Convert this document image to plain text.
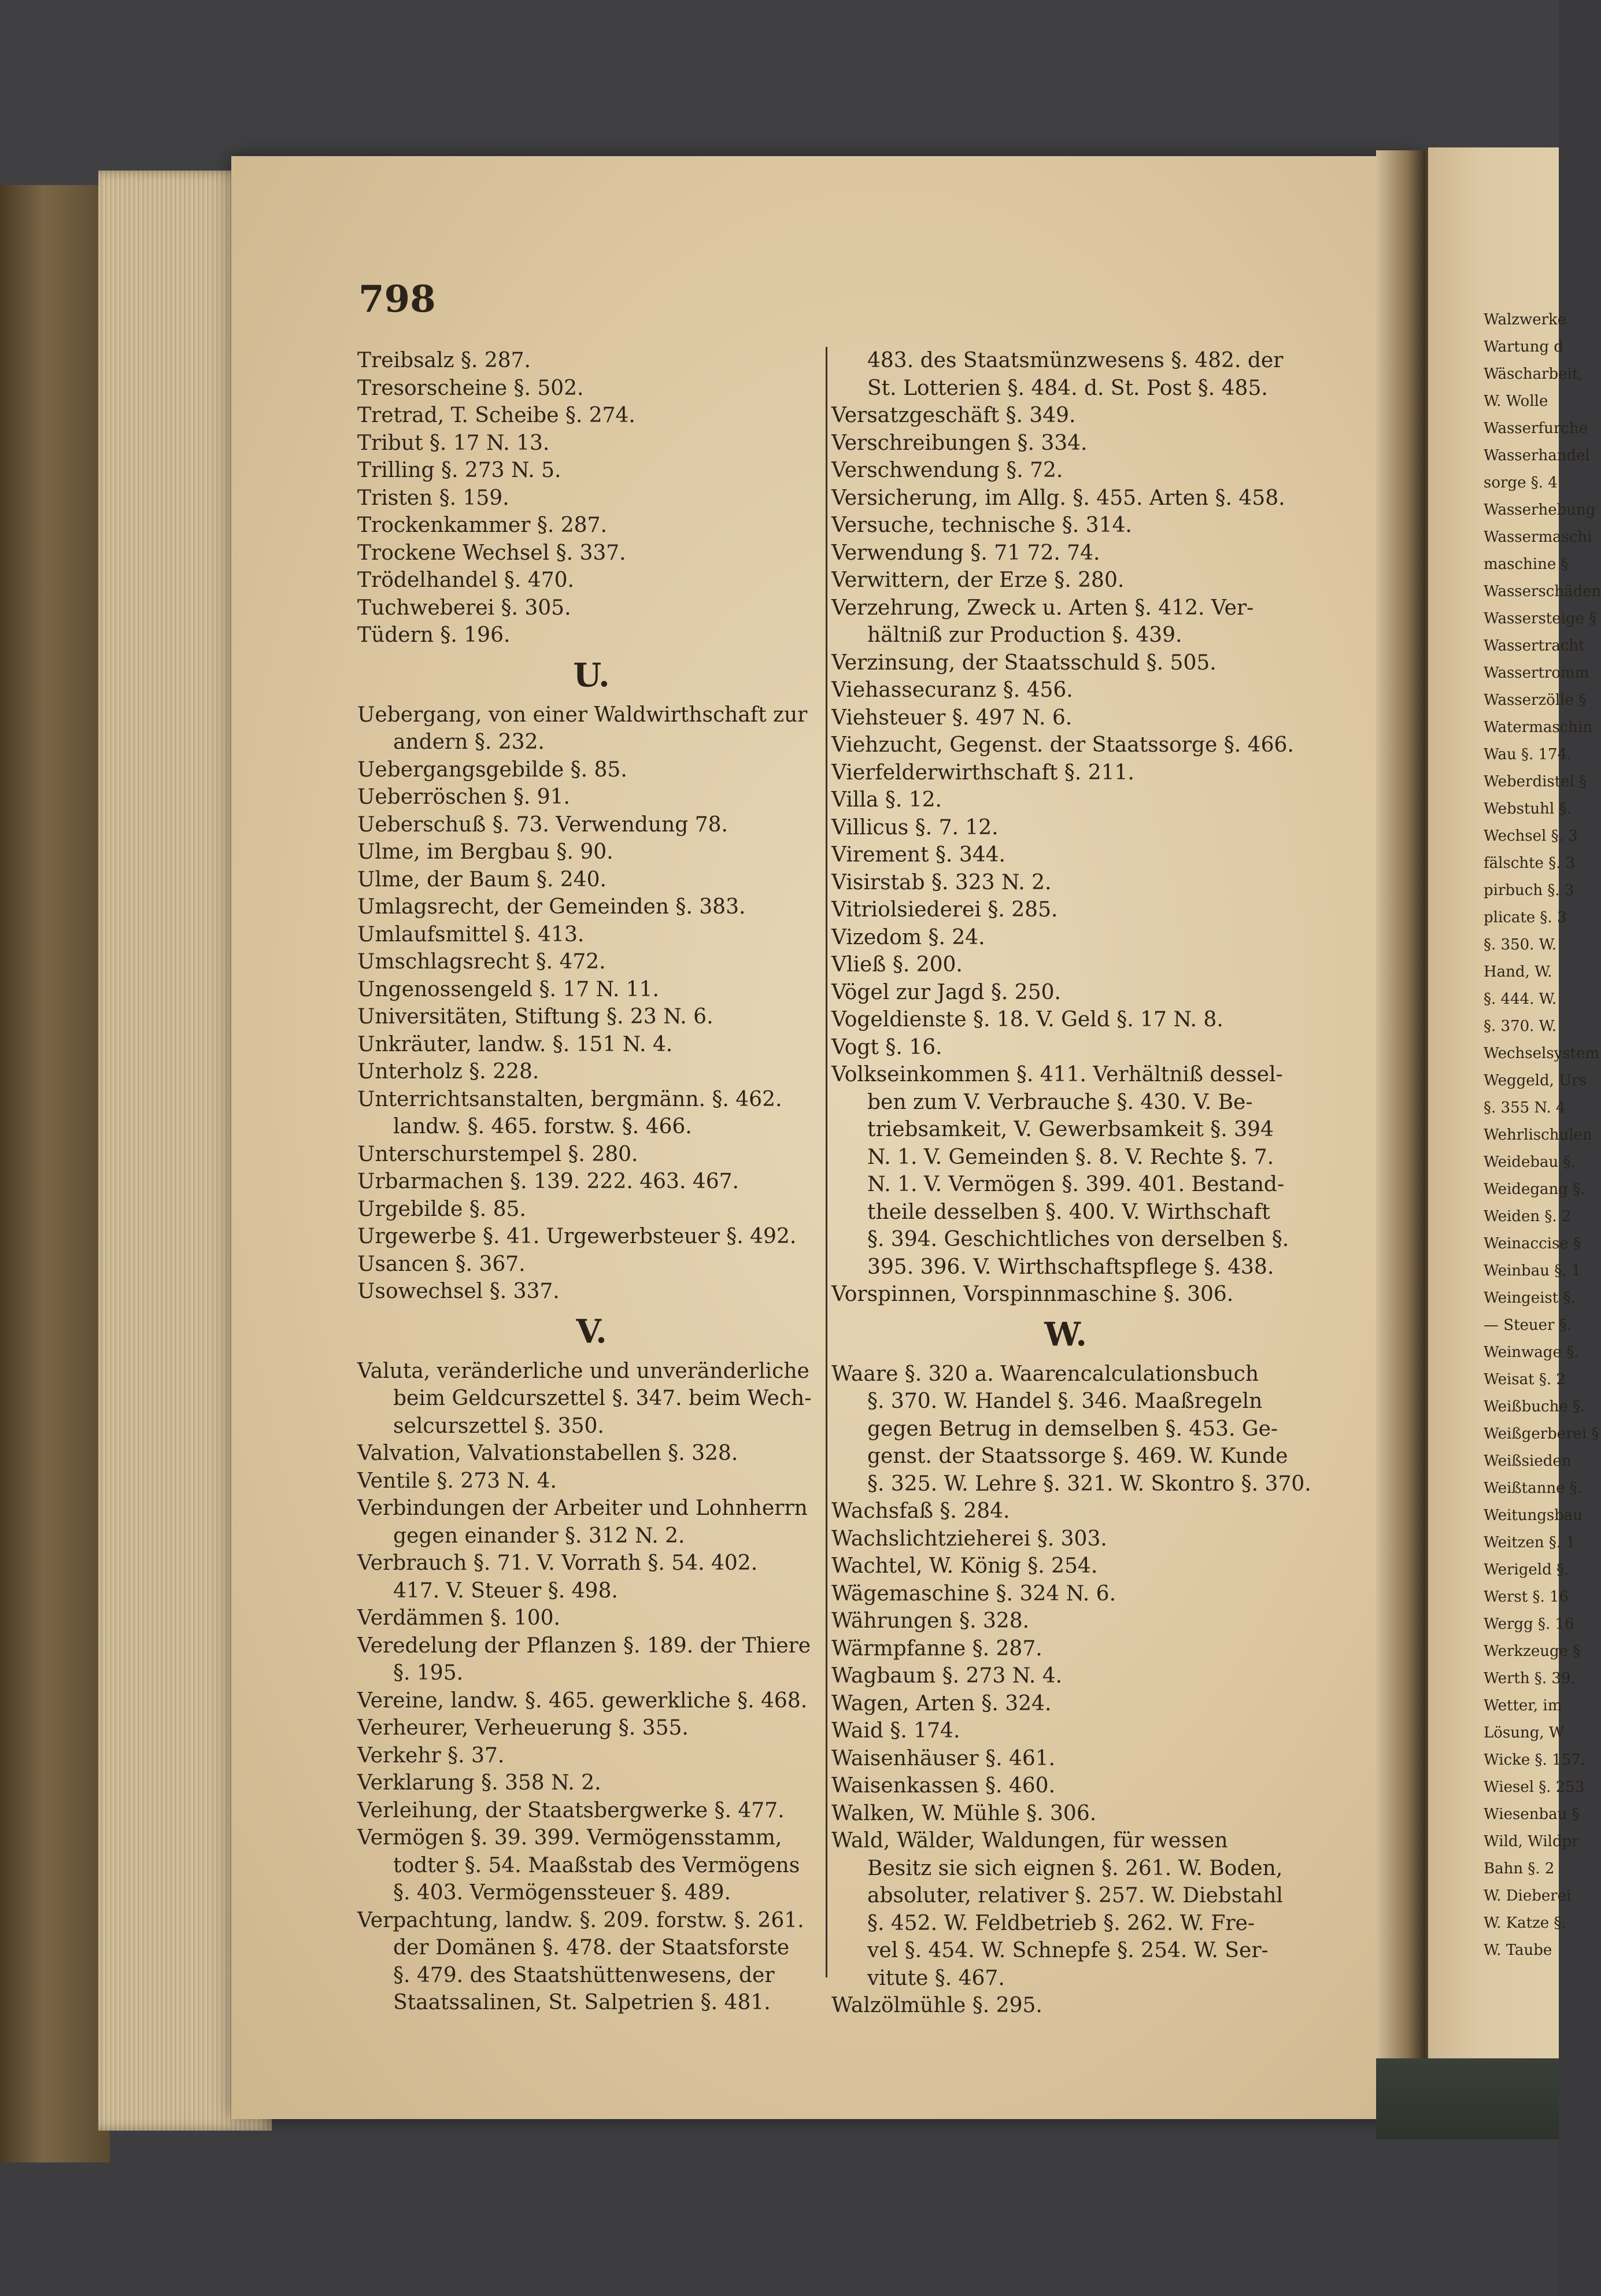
798

Treibsalz §. 287.

Tresorscheine §. 502.

Tretrad, T. Scheibe §. 274.

Tribut §. 17 N. 13.

Trilling §. 273 N. 5.

Tristen §. 159.

Trockenkammer §. 287.

Trockene Wechsel §. 337.

Trödelhandel §. 470.

Tuchweberei §. 305.

Tüdern §. 196.

U.

Uebergang, von einer Waldwirthschaft zur

andern §. 232.

Uebergangsgebilde §. 85.

Ueberröschen §. 91.

Ueberschuß §. 73. Verwendung 78.

Ulme, im Bergbau §. 90.

Ulme, der Baum §. 240.

Umlagsrecht, der Gemeinden §. 383.

Umlaufsmittel §. 413.

Umschlagsrecht §. 472.

Ungenossengeld §. 17 N. 11.

Universitäten, Stiftung §. 23 N. 6.

Unkräuter, landw. §. 151 N. 4.

Unterholz §. 228.

Unterrichtsanstalten, bergmänn. §. 462.

landw. §. 465. forstw. §. 466.

Unterschurstempel §. 280.

Urbarmachen §. 139. 222. 463. 467.

Urgebilde §. 85.

Urgewerbe §. 41. Urgewerbsteuer §. 492.

Usancen §. 367.

Usowechsel §. 337.

V.

Valuta, veränderliche und unveränderliche

beim Geldcurszettel §. 347. beim Wech-

selcurszettel §. 350.

Valvation, Valvationstabellen §. 328.

Ventile §. 273 N. 4.

Verbindungen der Arbeiter und Lohnherrn

gegen einander §. 312 N. 2.

Verbrauch §. 71. V. Vorrath §. 54. 402.

417. V. Steuer §. 498.

Verdämmen §. 100.

Veredelung der Pflanzen §. 189. der Thiere

§. 195.

Vereine, landw. §. 465. gewerkliche §. 468.

Verheurer, Verheuerung §. 355.

Verkehr §. 37.

Verklarung §. 358 N. 2.

Verleihung, der Staatsbergwerke §. 477.

Vermögen §. 39. 399. Vermögensstamm,

todter §. 54. Maaßstab des Vermögens

§. 403. Vermögenssteuer §. 489.

Verpachtung, landw. §. 209. forstw. §. 261.

der Domänen §. 478. der Staatsforste

§. 479. des Staatshüttenwesens, der

Staatssalinen, St. Salpetrien §. 481.

483. des Staatsmünzwesens §. 482. der

St. Lotterien §. 484. d. St. Post §. 485.

Versatzgeschäft §. 349.

Verschreibungen §. 334.

Verschwendung §. 72.

Versicherung, im Allg. §. 455. Arten §. 458.

Versuche, technische §. 314.

Verwendung §. 71 72. 74.

Verwittern, der Erze §. 280.

Verzehrung, Zweck u. Arten §. 412. Ver-

hältniß zur Production §. 439.

Verzinsung, der Staatsschuld §. 505.

Viehassecuranz §. 456.

Viehsteuer §. 497 N. 6.

Viehzucht, Gegenst. der Staatssorge §. 466.

Vierfelderwirthschaft §. 211.

Villa §. 12.

Villicus §. 7. 12.

Virement §. 344.

Visirstab §. 323 N. 2.

Vitriolsiederei §. 285.

Vizedom §. 24.

Vließ §. 200.

Vögel zur Jagd §. 250.

Vogeldienste §. 18. V. Geld §. 17 N. 8.

Vogt §. 16.

Volkseinkommen §. 411. Verhältniß dessel-

ben zum V. Verbrauche §. 430. V. Be-

triebsamkeit, V. Gewerbsamkeit §. 394

N. 1. V. Gemeinden §. 8. V. Rechte §. 7.

N. 1. V. Vermögen §. 399. 401. Bestand-

theile desselben §. 400. V. Wirthschaft

§. 394. Geschichtliches von derselben §.

395. 396. V. Wirthschaftspflege §. 438.

Vorspinnen, Vorspinnmaschine §. 306.

W.

Waare §. 320 a. Waarencalculationsbuch

§. 370. W. Handel §. 346. Maaßregeln

gegen Betrug in demselben §. 453. Ge-

genst. der Staatssorge §. 469. W. Kunde

§. 325. W. Lehre §. 321. W. Skontro §. 370.

Wachsfaß §. 284.

Wachslichtzieherei §. 303.

Wachtel, W. König §. 254.

Wägemaschine §. 324 N. 6.

Währungen §. 328.

Wärmpfanne §. 287.

Wagbaum §. 273 N. 4.

Wagen, Arten §. 324.

Waid §. 174.

Waisenhäuser §. 461.

Waisenkassen §. 460.

Walken, W. Mühle §. 306.

Wald, Wälder, Waldungen, für wessen

Besitz sie sich eignen §. 261. W. Boden,

absoluter, relativer §. 257. W. Diebstahl

§. 452. W. Feldbetrieb §. 262. W. Fre-

vel §. 454. W. Schnepfe §. 254. W. Ser-

vitute §. 467.

Walzölmühle §. 295.

Walzwerke

Wartung d

Wäscharbeit,

W. Wolle

Wasserfurche

Wasserhandel

sorge §. 4

Wasserhebung

Wassermaschi

maschine §

Wasserschäden

Wassersteige §

Wassertracht

Wassertromm

Wasserzölle §

Watermaschin

Wau §. 174.

Weberdistel §

Webstuhl §.

Wechsel §. 3

fälschte §. 3

pirbuch §. 3

plicate §. 3

§. 350. W.

Hand, W.

§. 444. W.

§. 370. W.

Wechselsystem

Weggeld, Urs

§. 355 N. 4

Wehrlischulen

Weidebau §.

Weidegang §.

Weiden §. 2

Weinaccise §

Weinbau §. 1

Weingeist §.

— Steuer §.

Weinwage §.

Weisat §. 2

Weißbuche §.

Weißgerberei §

Weißsieden

Weißtanne §.

Weitungsbau

Weitzen §. 1

Werigeld §.

Werst §. 16

Wergg §. 16

Werkzeuge §

Werth §. 39.

Wetter, im

Lösung, W

Wicke §. 157.

Wiesel §. 253

Wiesenbau §

Wild, Wildpr

Bahn §. 2

W. Dieberei

W. Katze §.

W. Taube
